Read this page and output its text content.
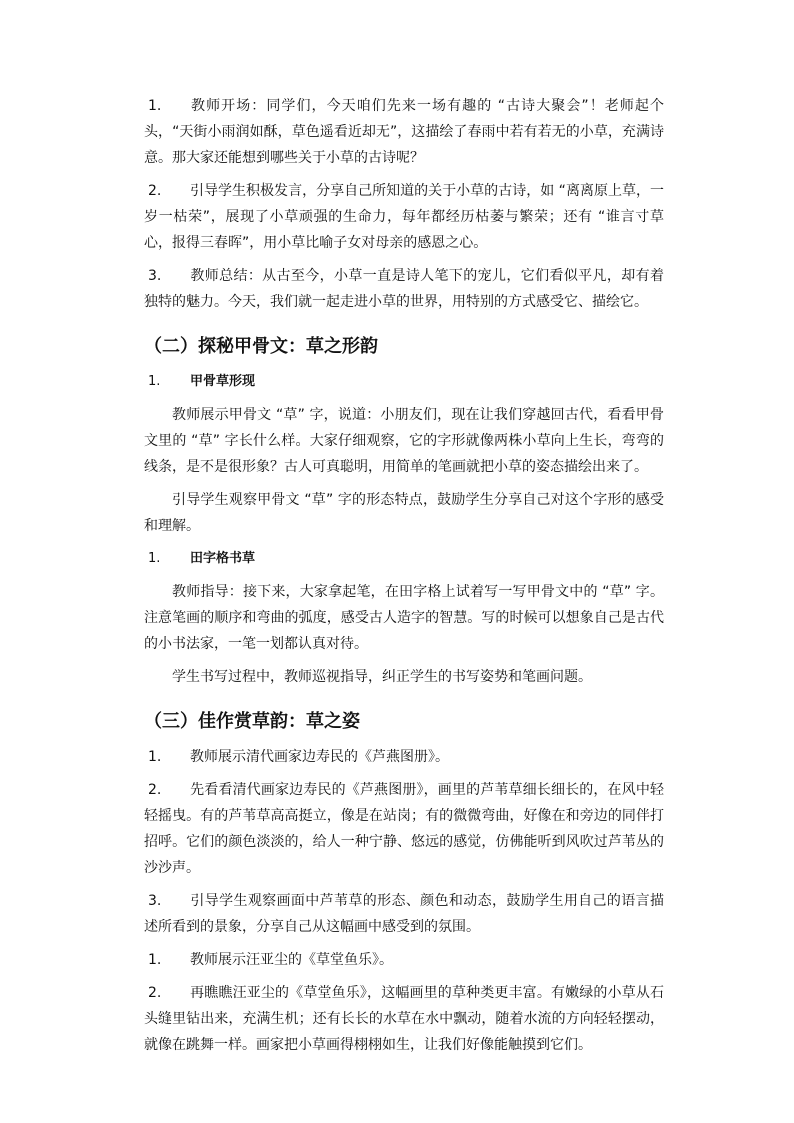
1. 教师开场：同学们，今天咱们先来一场有趣的 “古诗大聚会”！老师起个头，“天街小雨润如酥，草色遥看近却无”，这描绘了春雨中若有若无的小草，充满诗意。那大家还能想到哪些关于小草的古诗呢？

2. 引导学生积极发言，分享自己所知道的关于小草的古诗，如 “离离原上草，一岁一枯荣”，展现了小草顽强的生命力，每年都经历枯萎与繁荣；还有 “谁言寸草心，报得三春晖”，用小草比喻子女对母亲的感恩之心。

3. 教师总结：从古至今，小草一直是诗人笔下的宠儿，它们看似平凡，却有着独特的魅力。今天，我们就一起走进小草的世界，用特别的方式感受它、描绘它。

（二）探秘甲骨文：草之形韵

1. 甲骨草形现

教师展示甲骨文 “草” 字，说道：小朋友们，现在让我们穿越回古代，看看甲骨文里的 “草” 字长什么样。大家仔细观察，它的字形就像两株小草向上生长，弯弯的线条，是不是很形象？古人可真聪明，用简单的笔画就把小草的姿态描绘出来了。

引导学生观察甲骨文 “草” 字的形态特点，鼓励学生分享自己对这个字形的感受和理解。

1. 田字格书草

教师指导：接下来，大家拿起笔，在田字格上试着写一写甲骨文中的 “草” 字。注意笔画的顺序和弯曲的弧度，感受古人造字的智慧。写的时候可以想象自己是古代的小书法家，一笔一划都认真对待。

学生书写过程中，教师巡视指导，纠正学生的书写姿势和笔画问题。

（三）佳作赏草韵：草之姿

1. 教师展示清代画家边寿民的《芦燕图册》。

2. 先看看清代画家边寿民的《芦燕图册》，画里的芦苇草细长细长的，在风中轻轻摇曳。有的芦苇草高高挺立，像是在站岗；有的微微弯曲，好像在和旁边的同伴打招呼。它们的颜色淡淡的，给人一种宁静、悠远的感觉，仿佛能听到风吹过芦苇丛的沙沙声。

3. 引导学生观察画面中芦苇草的形态、颜色和动态，鼓励学生用自己的语言描述所看到的景象，分享自己从这幅画中感受到的氛围。

1. 教师展示汪亚尘的《草堂鱼乐》。

2. 再瞧瞧汪亚尘的《草堂鱼乐》，这幅画里的草种类更丰富。有嫩绿的小草从石头缝里钻出来，充满生机；还有长长的水草在水中飘动，随着水流的方向轻轻摆动，就像在跳舞一样。画家把小草画得栩栩如生，让我们好像能触摸到它们。
